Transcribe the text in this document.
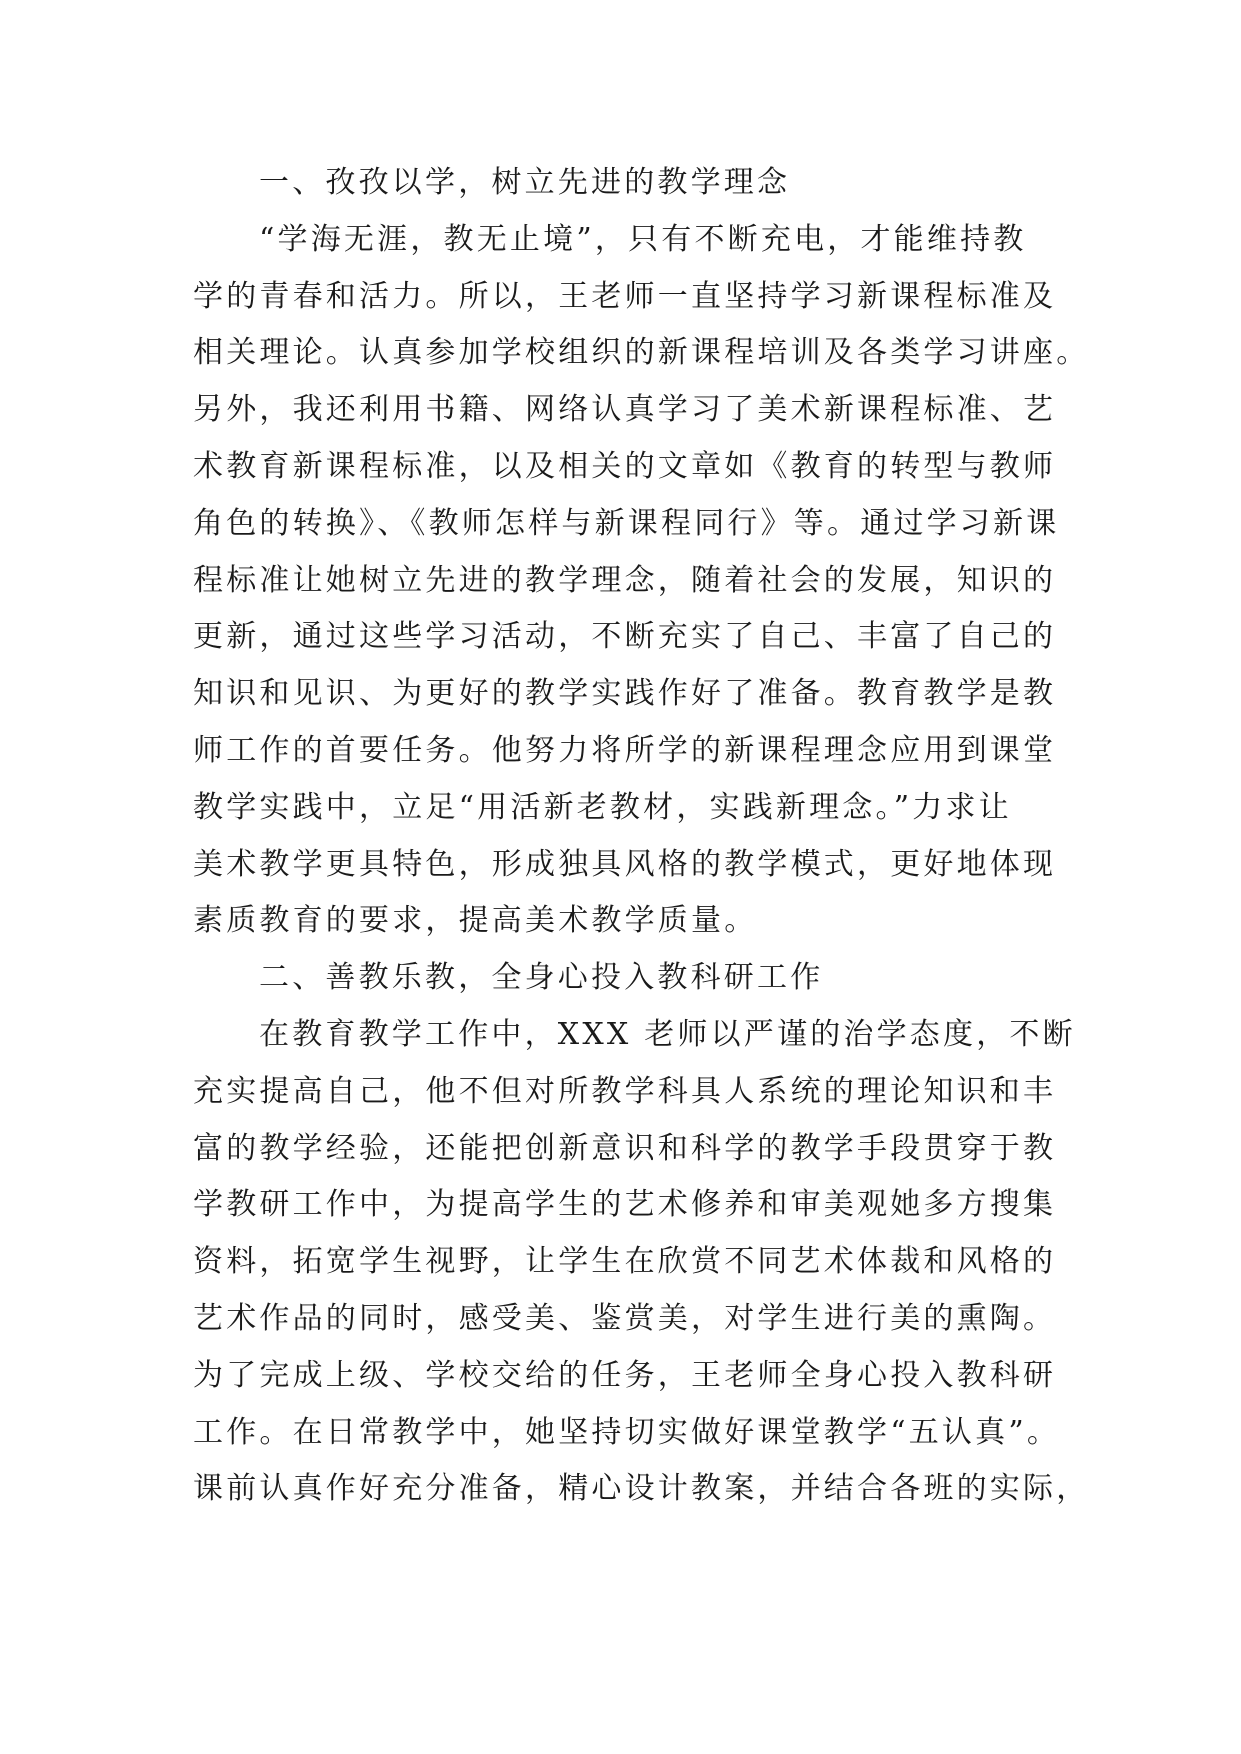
一、孜孜以学，树立先进的教学理念
“学海无涯，教无止境”，只有不断充电，才能维持教
学的青春和活力。所以，王老师一直坚持学习新课程标准及
相关理论。认真参加学校组织的新课程培训及各类学习讲座。
另外，我还利用书籍、网络认真学习了美术新课程标准、艺
术教育新课程标准，以及相关的文章如《教育的转型与教师
角色的转换》、《教师怎样与新课程同行》等。通过学习新课
程标准让她树立先进的教学理念，随着社会的发展，知识的
更新，通过这些学习活动，不断充实了自己、丰富了自己的
知识和见识、为更好的教学实践作好了准备。教育教学是教
师工作的首要任务。他努力将所学的新课程理念应用到课堂
教学实践中，立足“用活新老教材，实践新理念。”力求让
美术教学更具特色，形成独具风格的教学模式，更好地体现
素质教育的要求，提高美术教学质量。
二、善教乐教，全身心投入教科研工作
在教育教学工作中，XXX 老师以严谨的治学态度，不断
充实提高自己，他不但对所教学科具人系统的理论知识和丰
富的教学经验，还能把创新意识和科学的教学手段贯穿于教
学教研工作中，为提高学生的艺术修养和审美观她多方搜集
资料，拓宽学生视野，让学生在欣赏不同艺术体裁和风格的
艺术作品的同时，感受美、鉴赏美，对学生进行美的熏陶。
为了完成上级、学校交给的任务，王老师全身心投入教科研
工作。在日常教学中，她坚持切实做好课堂教学“五认真”。
课前认真作好充分准备，精心设计教案，并结合各班的实际，
